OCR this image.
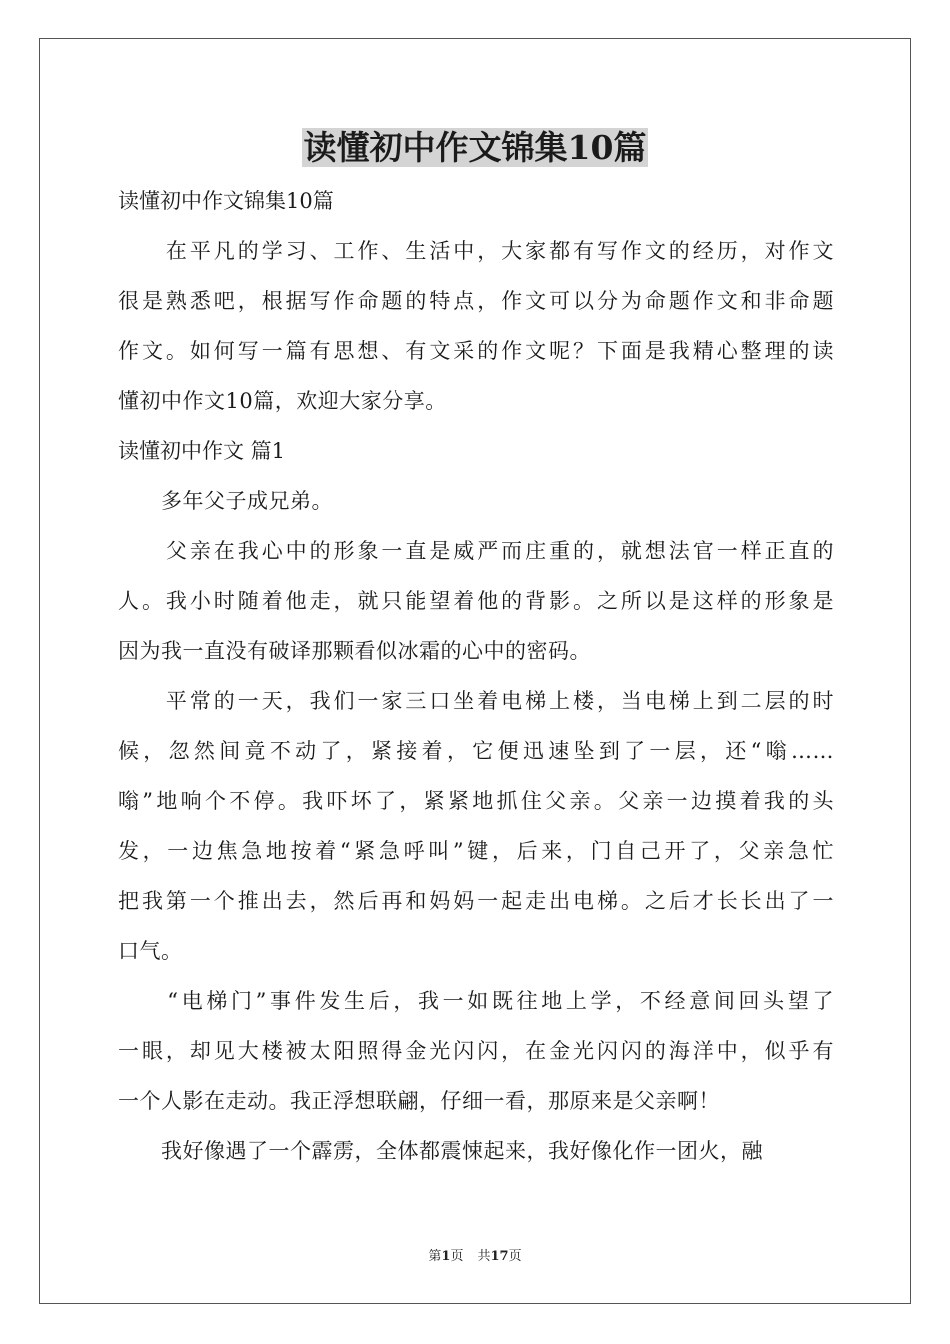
读懂初中作文锦集10篇
读懂初中作文锦集10篇
　　在平凡的学习、工作、生活中，大家都有写作文的经历，对作文
很是熟悉吧，根据写作命题的特点，作文可以分为命题作文和非命题
作文。如何写一篇有思想、有文采的作文呢？下面是我精心整理的读
懂初中作文10篇，欢迎大家分享。
读懂初中作文 篇1
　　多年父子成兄弟。
　　父亲在我心中的形象一直是威严而庄重的，就想法官一样正直的
人。我小时随着他走，就只能望着他的背影。之所以是这样的形象是
因为我一直没有破译那颗看似冰霜的心中的密码。
　　平常的一天，我们一家三口坐着电梯上楼，当电梯上到二层的时
候，忽然间竟不动了，紧接着，它便迅速坠到了一层，还“嗡……
嗡”地响个不停。我吓坏了，紧紧地抓住父亲。父亲一边摸着我的头
发，一边焦急地按着“紧急呼叫”键，后来，门自己开了，父亲急忙
把我第一个推出去，然后再和妈妈一起走出电梯。之后才长长出了一
口气。
　　“电梯门”事件发生后，我一如既往地上学，不经意间回头望了
一眼，却见大楼被太阳照得金光闪闪，在金光闪闪的海洋中，似乎有
一个人影在走动。我正浮想联翩，仔细一看，那原来是父亲啊！
　　我好像遇了一个霹雳，全体都震悚起来，我好像化作一团火，融
第1页 共17页
